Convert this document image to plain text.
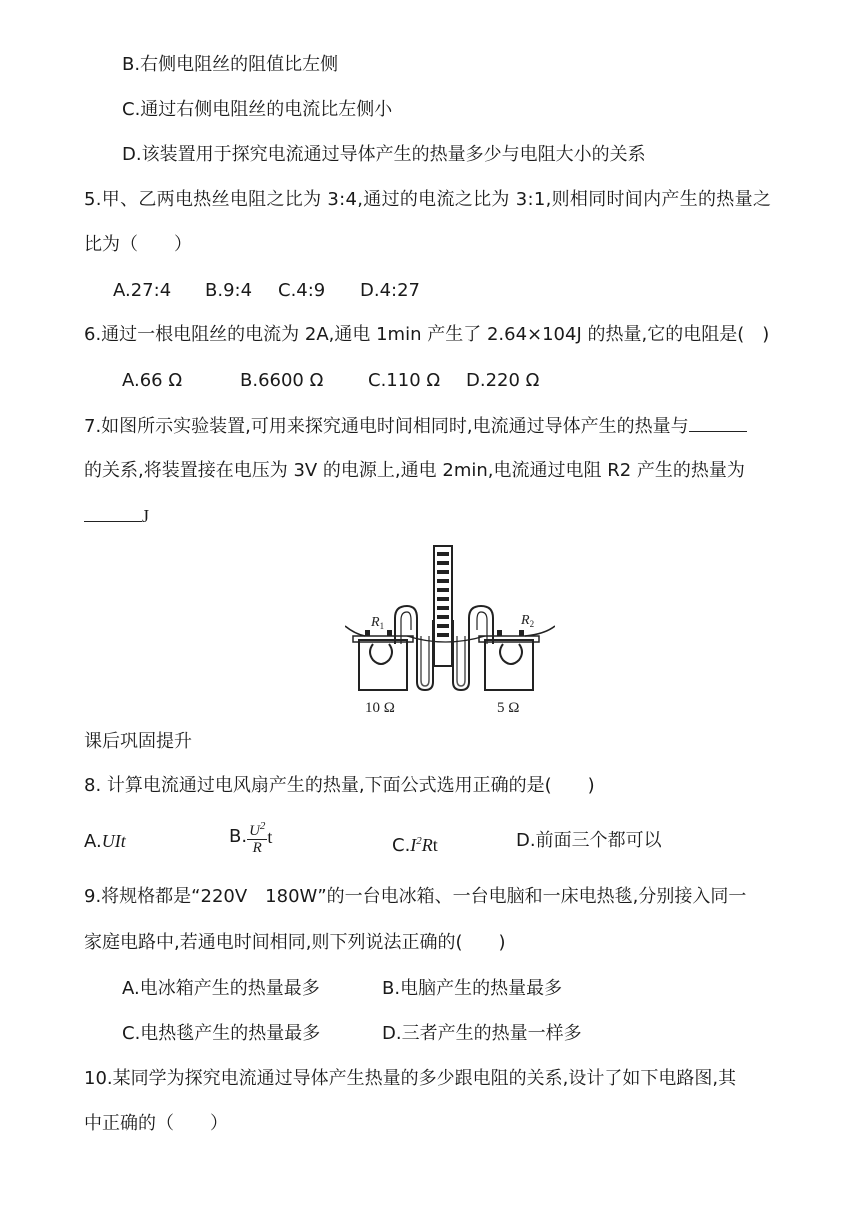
B.右侧电阻丝的阻值比左侧
C.通过右侧电阻丝的电流比左侧小
D.该装置用于探究电流通过导体产生的热量多少与电阻大小的关系
5.甲、乙两电热丝电阻之比为 3:4,通过的电流之比为 3:1,则相同时间内产生的热量之
比为（　　）
A.27:4 B.9:4 C.4:9 D.4:27
6.通过一根电阻丝的电流为 2A,通电 1min 产生了 2.64×104J 的热量,它的电阻是(　)
A.66 Ω	B.6600 Ω C.110 Ω D.220 Ω
7.如图所示实验装置,可用来探究通电时间相同时,电流通过导体产生的热量与
的关系,将装置接在电压为 3V 的电源上,通电 2min,电流通过电阻 R2 产生的热量为
J
$R_1$	$R_2$
10 Ω	5 Ω
课后巩固提升
8. 计算电流通过电风扇产生的热量,下面公式选用正确的是(　　)
A.UIt	B. $\frac{U^2}{R}$ t	$C.I^2Rt$	D.前面三个都可以
9.将规格都是“220V　180W”的一台电冰箱、一台电脑和一床电热毯,分别接入同一
家庭电路中,若通电时间相同,则下列说法正确的(　　)
A.电冰箱产生的热量最多	B.电脑产生的热量最多
C.电热毯产生的热量最多	D.三者产生的热量一样多
10.某同学为探究电流通过导体产生热量的多少跟电阻的关系,设计了如下电路图,其
中正确的（　　）
